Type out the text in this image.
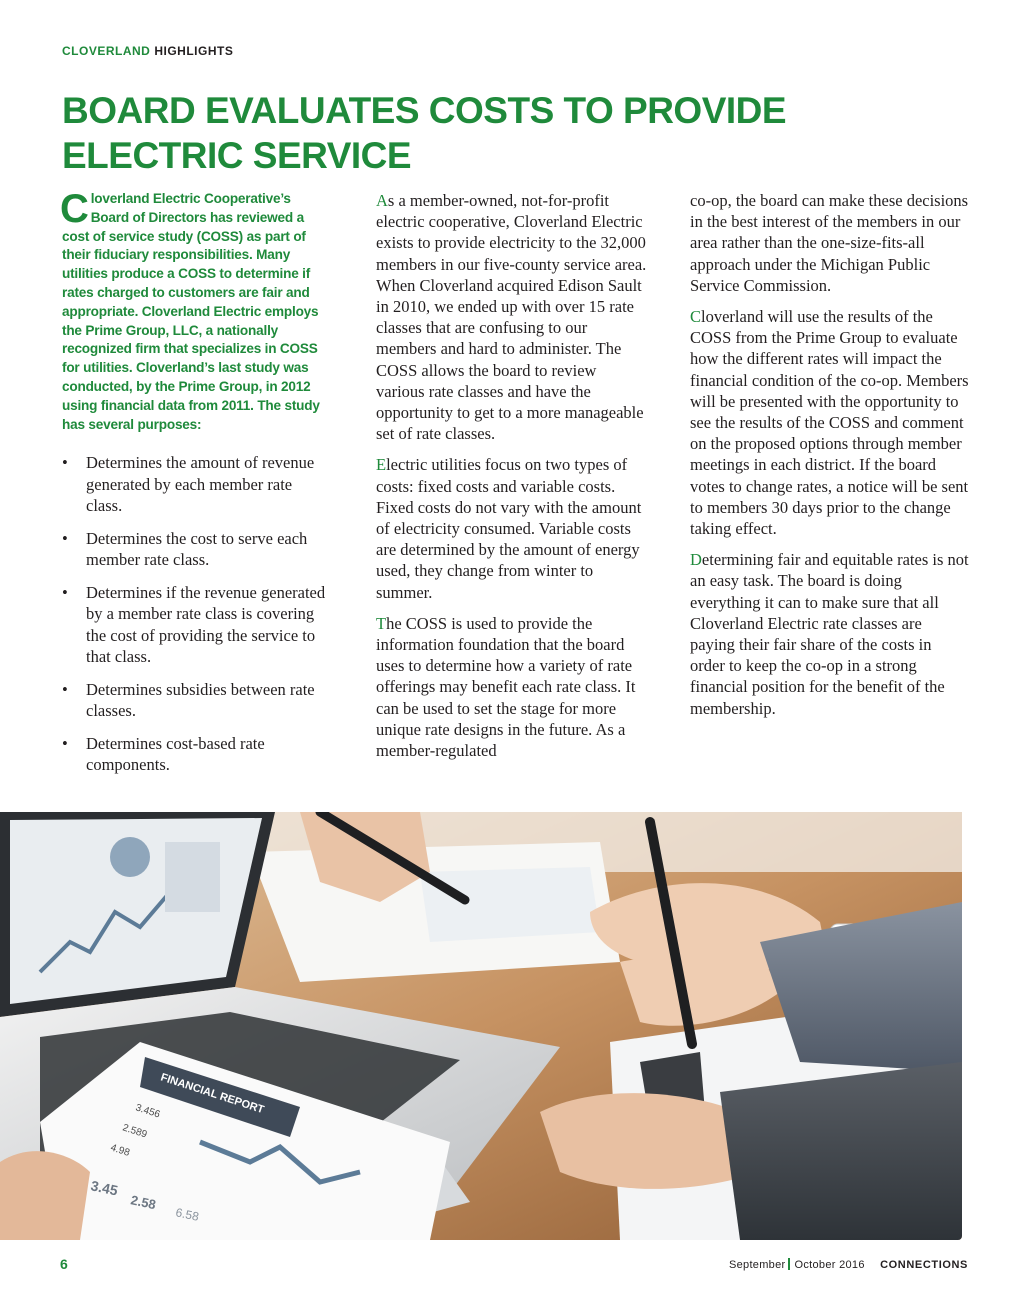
CLOVERLAND HIGHLIGHTS
BOARD EVALUATES COSTS TO PROVIDE
ELECTRIC SERVICE

Cloverland Electric Cooperative’s Board of Directors has reviewed a cost of service study (COSS) as part of their fiduciary responsibilities. Many utilities produce a COSS to determine if rates charged to customers are fair and appropriate. Cloverland Electric employs the Prime Group, LLC, a nationally recognized firm that specializes in COSS for utilities. Cloverland’s last study was conducted, by the Prime Group, in 2012 using financial data from 2011. The study has several purposes:

• Determines the amount of revenue generated by each member rate class.
• Determines the cost to serve each member rate class.
• Determines if the revenue generated by a member rate class is covering the cost of providing the service to that class.
• Determines subsidies between rate classes.
• Determines cost-based rate components.

As a member-owned, not-for-profit electric cooperative, Cloverland Electric exists to provide electricity to the 32,000 members in our five-county service area. When Cloverland acquired Edison Sault in 2010, we ended up with over 15 rate classes that are confusing to our members and hard to administer. The COSS allows the board to review various rate classes and have the opportunity to get to a more manageable set of rate classes.

Electric utilities focus on two types of costs: fixed costs and variable costs. Fixed costs do not vary with the amount of electricity consumed. Variable costs are determined by the amount of energy used, they change from winter to summer.

The COSS is used to provide the information foundation that the board uses to determine how a variety of rate offerings may benefit each rate class. It can be used to set the stage for more unique rate designs in the future. As a member-regulated

co-op, the board can make these decisions in the best interest of the members in our area rather than the one-size-fits-all approach under the Michigan Public Service Commission.

Cloverland will use the results of the COSS from the Prime Group to evaluate how the different rates will impact the financial condition of the co-op. Members will be presented with the opportunity to see the results of the COSS and comment on the proposed options through member meetings in each district. If the board votes to change rates, a notice will be sent to members 30 days prior to the change taking effect.

Determining fair and equitable rates is not an easy task. The board is doing everything it can to make sure that all Cloverland Electric rate classes are paying their fair share of the costs in order to keep the co-op in a strong financial position for the benefit of the membership.

FINANCIAL REPORT
3.456
2.589
4.98
3.45
2.58
6.58
6	September October 2016 CONNECTIONS
